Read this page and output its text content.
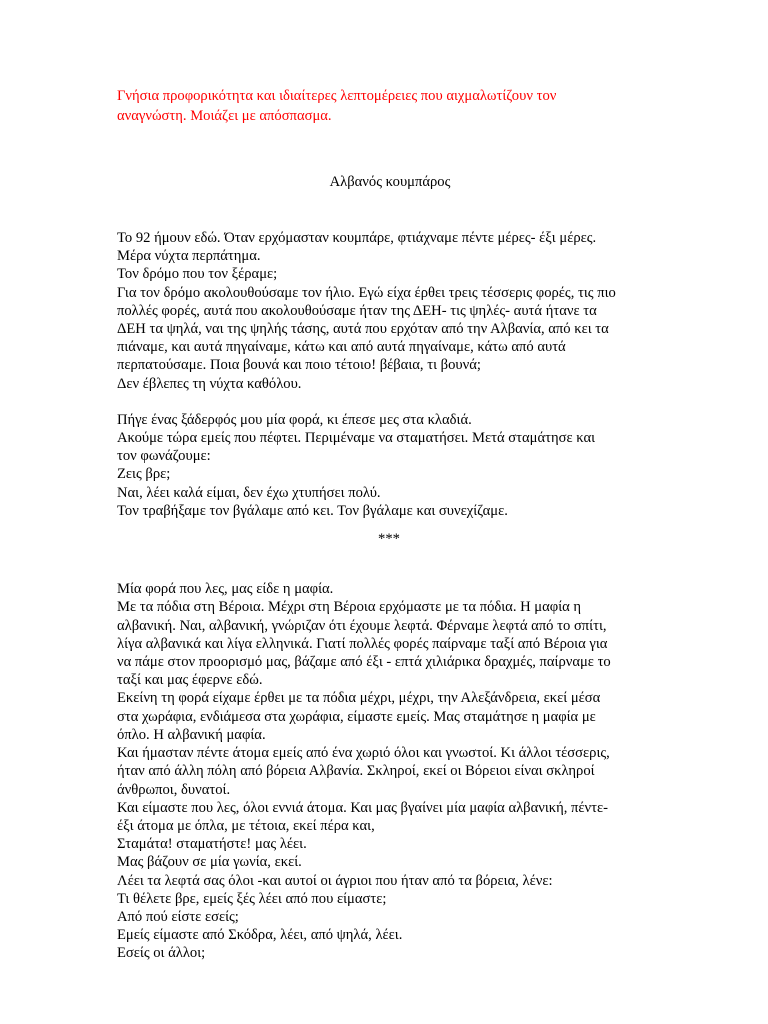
Γνήσια προφορικότητα και ιδιαίτερες λεπτομέρειες που αιχμαλωτίζουν τον
αναγνώστη. Μοιάζει με απόσπασμα.

Αλβανός κουμπάρος

Το 92 ήμουν εδώ. Όταν ερχόμασταν κουμπάρε, φτιάχναμε πέντε μέρες- έξι μέρες.
Μέρα νύχτα περπάτημα.
Τον δρόμο που τον ξέραμε;
Για τον δρόμο ακολουθούσαμε τον ήλιο. Εγώ είχα έρθει τρεις τέσσερις φορές, τις πιο
πολλές φορές, αυτά που ακολουθούσαμε ήταν της ΔΕΗ- τις ψηλές- αυτά ήτανε τα
ΔΕΗ τα ψηλά, ναι της ψηλής τάσης, αυτά που ερχόταν από την Αλβανία, από κει τα
πιάναμε, και αυτά πηγαίναμε, κάτω και από αυτά πηγαίναμε, κάτω από αυτά
περπατούσαμε. Ποια βουνά και ποιο τέτοιο! βέβαια, τι βουνά;
Δεν έβλεπες τη νύχτα καθόλου.

Πήγε ένας ξάδερφός μου μία φορά, κι έπεσε μες στα κλαδιά.
Ακούμε τώρα εμείς που πέφτει. Περιμέναμε να σταματήσει. Μετά σταμάτησε και
τον φωνάζουμε:
Ζεις βρε;
Ναι, λέει καλά είμαι, δεν έχω χτυπήσει πολύ.
Τον τραβήξαμε τον βγάλαμε από κει. Τον βγάλαμε και συνεχίζαμε.

***

Μία φορά που λες, μας είδε η μαφία.
Με τα πόδια στη Βέροια. Μέχρι στη Βέροια ερχόμαστε με τα πόδια. Η μαφία η
αλβανική. Ναι, αλβανική, γνώριζαν ότι έχουμε λεφτά. Φέρναμε λεφτά από το σπίτι,
λίγα αλβανικά και λίγα ελληνικά. Γιατί πολλές φορές παίρναμε ταξί από Βέροια για
να πάμε στον προορισμό μας, βάζαμε από έξι - επτά χιλιάρικα δραχμές, παίρναμε το
ταξί και μας έφερνε εδώ.
Εκείνη τη φορά είχαμε έρθει με τα πόδια μέχρι, μέχρι, την Αλεξάνδρεια, εκεί μέσα
στα χωράφια, ενδιάμεσα στα χωράφια, είμαστε εμείς. Μας σταμάτησε η μαφία με
όπλο. Η αλβανική μαφία.
Και ήμασταν πέντε άτομα εμείς από ένα χωριό όλοι και γνωστοί. Κι άλλοι τέσσερις,
ήταν από άλλη πόλη από βόρεια Αλβανία. Σκληροί, εκεί οι Βόρειοι είναι σκληροί
άνθρωποι, δυνατοί.
Και είμαστε που λες, όλοι εννιά άτομα. Και μας βγαίνει μία μαφία αλβανική, πέντε-
έξι άτομα με όπλα, με τέτοια, εκεί πέρα και,
Σταμάτα! σταματήστε! μας λέει.
Μας βάζουν σε μία γωνία, εκεί.
Λέει τα λεφτά σας όλοι -και αυτοί οι άγριοι που ήταν από τα βόρεια, λένε:
Τι θέλετε βρε, εμείς ξές λέει από που είμαστε;
Από πού είστε εσείς;
Εμείς είμαστε από Σκόδρα, λέει, από ψηλά, λέει.
Εσείς οι άλλοι;
